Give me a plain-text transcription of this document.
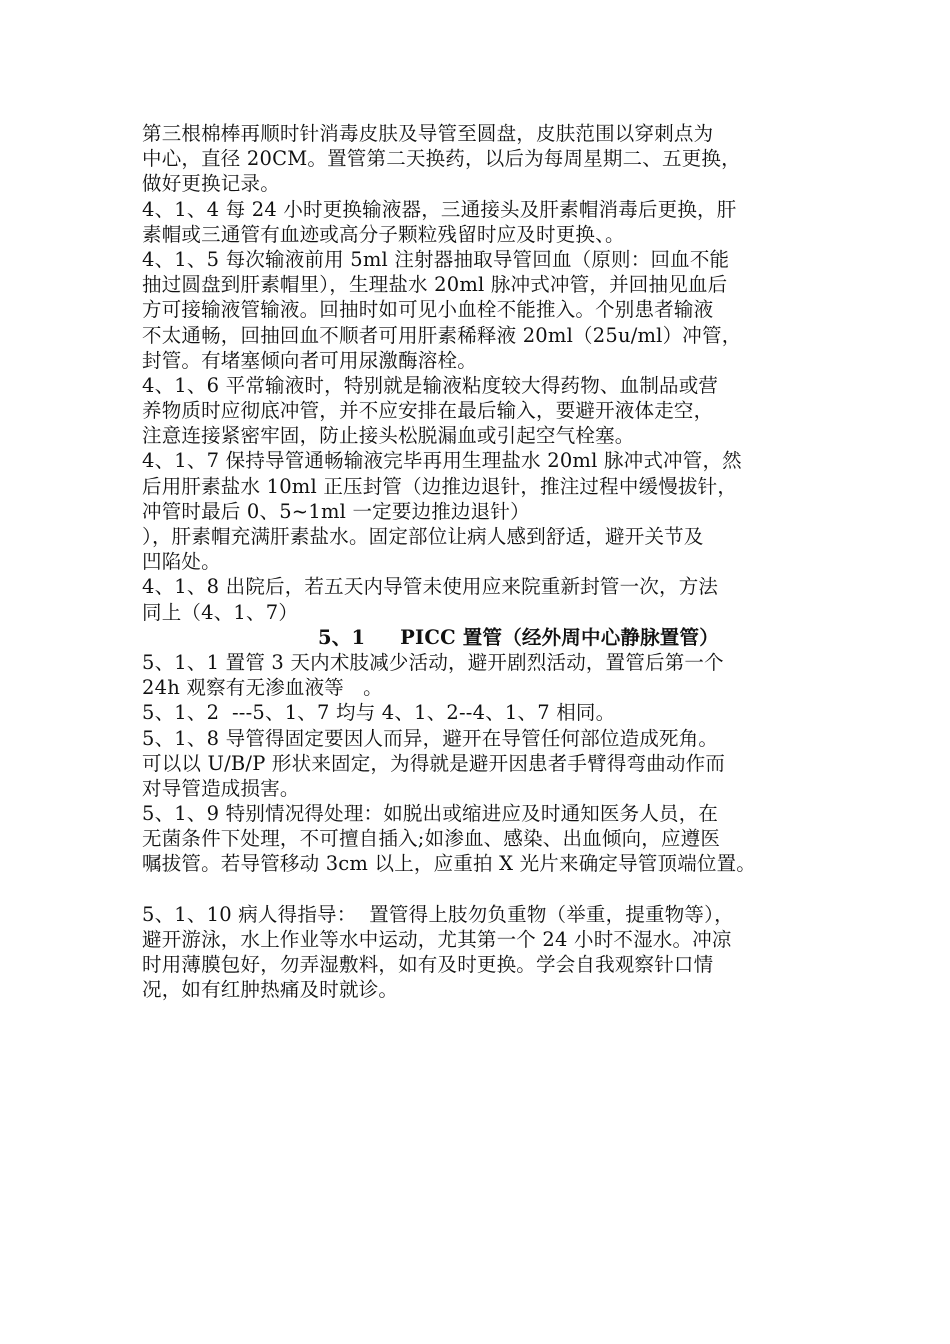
第三根棉棒再顺时针消毒皮肤及导管至圆盘，皮肤范围以穿刺点为
中心，直径 20CM。置管第二天换药，以后为每周星期二、五更换，
做好更换记录。
4、1、4 每 24 小时更换输液器，三通接头及肝素帽消毒后更换，肝
素帽或三通管有血迹或高分子颗粒残留时应及时更换、。
4、1、5 每次输液前用 5ml 注射器抽取导管回血（原则：回血不能
抽过圆盘到肝素帽里），生理盐水 20ml 脉冲式冲管，并回抽见血后
方可接输液管输液。回抽时如可见小血栓不能推入。个别患者输液
不太通畅，回抽回血不顺者可用肝素稀释液 20ml（25u/ml）冲管，
封管。有堵塞倾向者可用尿激酶溶栓。
4、1、6 平常输液时，特别就是输液粘度较大得药物、血制品或营
养物质时应彻底冲管，并不应安排在最后输入，要避开液体走空，
注意连接紧密牢固，防止接头松脱漏血或引起空气栓塞。
4、1、7 保持导管通畅输液完毕再用生理盐水 20ml 脉冲式冲管，然
后用肝素盐水 10ml 正压封管（边推边退针，推注过程中缓慢拔针，
冲管时最后 0、5~1ml 一定要边推边退针）
），肝素帽充满肝素盐水。固定部位让病人感到舒适，避开关节及
凹陷处。
4、1、8 出院后，若五天内导管未使用应来院重新封管一次，方法
同上（4、1、7）
5、1     PICC 置管（经外周中心静脉置管）
5、1、1 置管 3 天内术肢减少活动，避开剧烈活动，置管后第一个
24h 观察有无渗血液等   。
5、1、2  ---5、1、7 均与 4、1、2--4、1、7 相同。
5、1、8 导管得固定要因人而异，避开在导管任何部位造成死角。
可以以 U/B/P 形状来固定，为得就是避开因患者手臂得弯曲动作而
对导管造成损害。
5、1、9 特别情况得处理：如脱出或缩进应及时通知医务人员，在
无菌条件下处理，不可擅自插入;如渗血、感染、出血倾向，应遵医
嘱拔管。若导管移动 3cm 以上，应重拍 X 光片来确定导管顶端位置。
5、1、10 病人得指导：  置管得上肢勿负重物（举重，提重物等），
避开游泳，水上作业等水中运动，尤其第一个 24 小时不湿水。冲凉
时用薄膜包好，勿弄湿敷料，如有及时更换。学会自我观察针口情
况，如有红肿热痛及时就诊。
